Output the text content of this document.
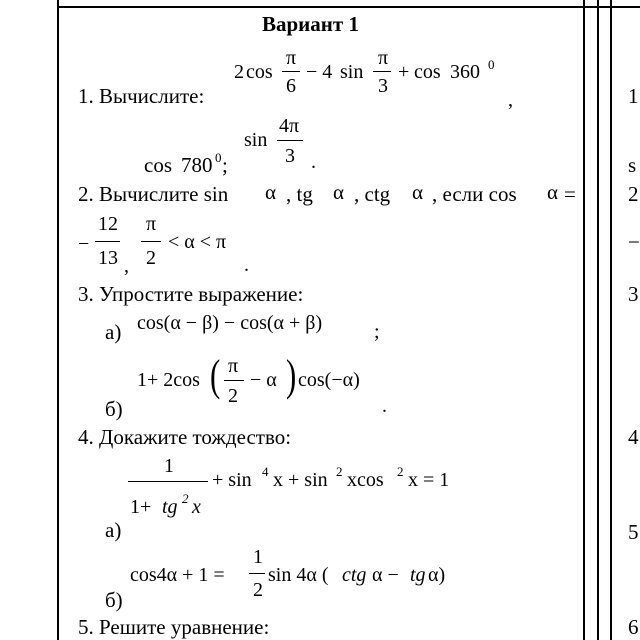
Вариант 1
1. Вычислите:
2 cos
π
6
− 4 sin
π
3
+ cos 360 0
,
cos 780 0 ;
sin
4π
3 .
2. Вычислите sin α , tg α , ctg α , если cos α =
−
12
13 ,
π
2
< α < π
.
3. Упростите выражение:
а) cos(α − β) − cos(α + β)	;
б)
1+ 2cos ( π
2
− α ) cos(−α)
.
4. Докажите тождество:
а)
1
1+ tg 2 x
+ sin 4 x + sin 2 xcos 2 x = 1
б)
cos4α + 1 =
1
2
sin 4α ( ctg α − tg α)
5. Решите уравнение:
1
s
2
−
3
4
5
6
